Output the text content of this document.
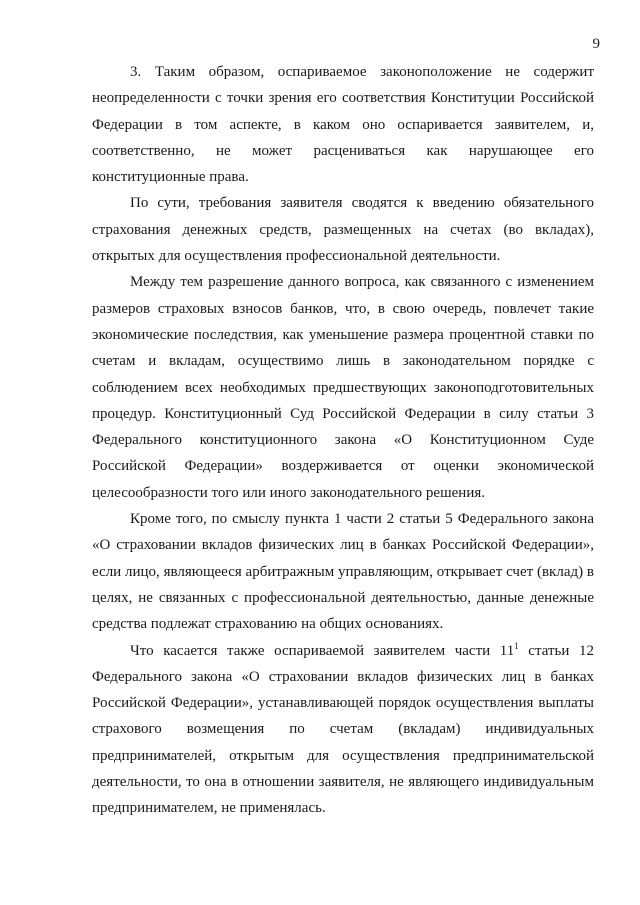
9

3. Таким образом, оспариваемое законоположение не содержит неопределенности с точки зрения его соответствия Конституции Российской Федерации в том аспекте, в каком оно оспаривается заявителем, и, соответственно, не может расцениваться как нарушающее его конституционные права.

По сути, требования заявителя сводятся к введению обязательного страхования денежных средств, размещенных на счетах (во вкладах), открытых для осуществления профессиональной деятельности.

Между тем разрешение данного вопроса, как связанного с изменением размеров страховых взносов банков, что, в свою очередь, повлечет такие экономические последствия, как уменьшение размера процентной ставки по счетам и вкладам, осуществимо лишь в законодательном порядке с соблюдением всех необходимых предшествующих законоподготовительных процедур. Конституционный Суд Российской Федерации в силу статьи 3 Федерального конституционного закона «О Конституционном Суде Российской Федерации» воздерживается от оценки экономической целесообразности того или иного законодательного решения.

Кроме того, по смыслу пункта 1 части 2 статьи 5 Федерального закона «О страховании вкладов физических лиц в банках Российской Федерации», если лицо, являющееся арбитражным управляющим, открывает счет (вклад) в целях, не связанных с профессиональной деятельностью, данные денежные средства подлежат страхованию на общих основаниях.

Что касается также оспариваемой заявителем части $11^1$ статьи 12 Федерального закона «О страховании вкладов физических лиц в банках Российской Федерации», устанавливающей порядок осуществления выплаты страхового возмещения по счетам (вкладам) индивидуальных предпринимателей, открытым для осуществления предпринимательской деятельности, то она в отношении заявителя, не являющего индивидуальным предпринимателем, не применялась.
